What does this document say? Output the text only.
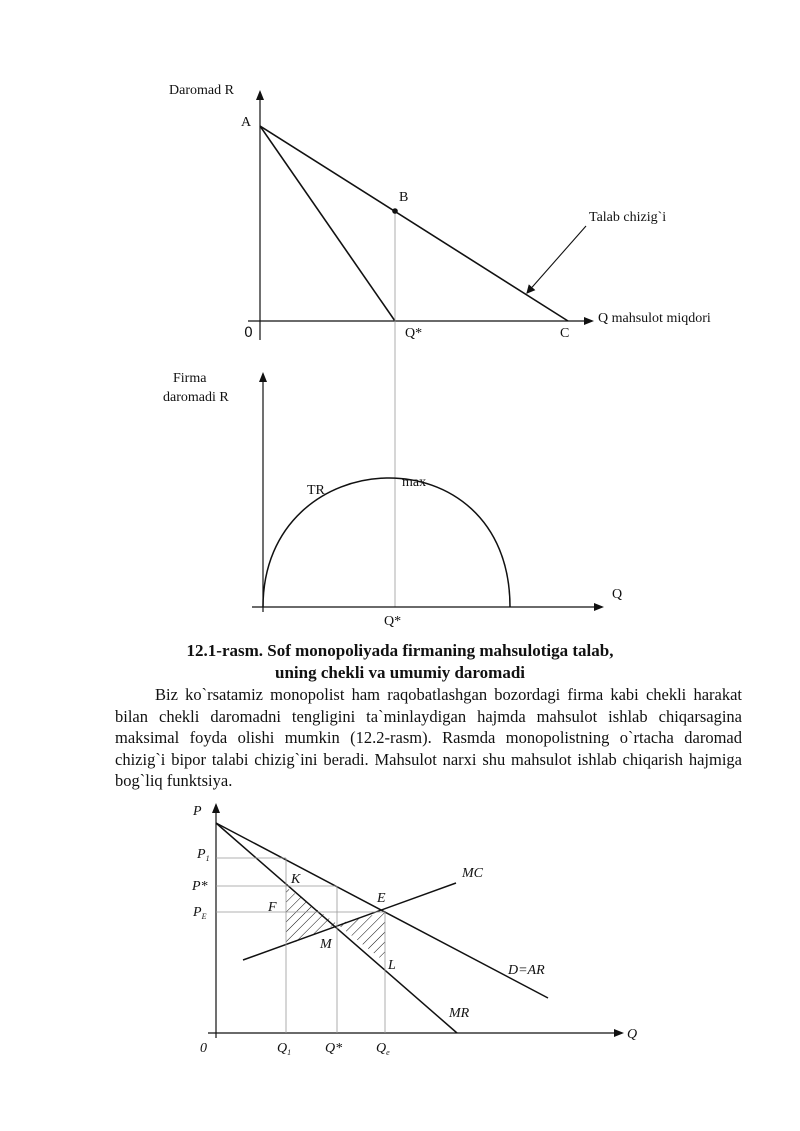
Daromad R
A
B
Talab chizig`i
0	Q*	C
Q mahsulot miqdori
Firma
daromadi R
TR
max
Q
Q*
P
Q
0
$P_1$
P*
$P_E$
K
F
E
M
L
MC
D=AR
MR
$Q_1$ Q* $Q_e$
12.1-rasm. Sof monopoliyada firmaning mahsulotiga talab,
uning chekli va umumiy daromadi

Biz ko`rsatamiz monopolist ham raqobatlashgan bozordagi firma kabi chekli harakat bilan chekli daromadni tengligini ta`minlaydigan hajmda mahsulot ishlab chiqarsagina maksimal foyda olishi mumkin (12.2-rasm). Rasmda monopolistning o`rtacha daromad chizig`i bipor talabi chizig`ini beradi. Mahsulot narxi shu mahsulot ishlab chiqarish hajmiga bog`liq funktsiya.
